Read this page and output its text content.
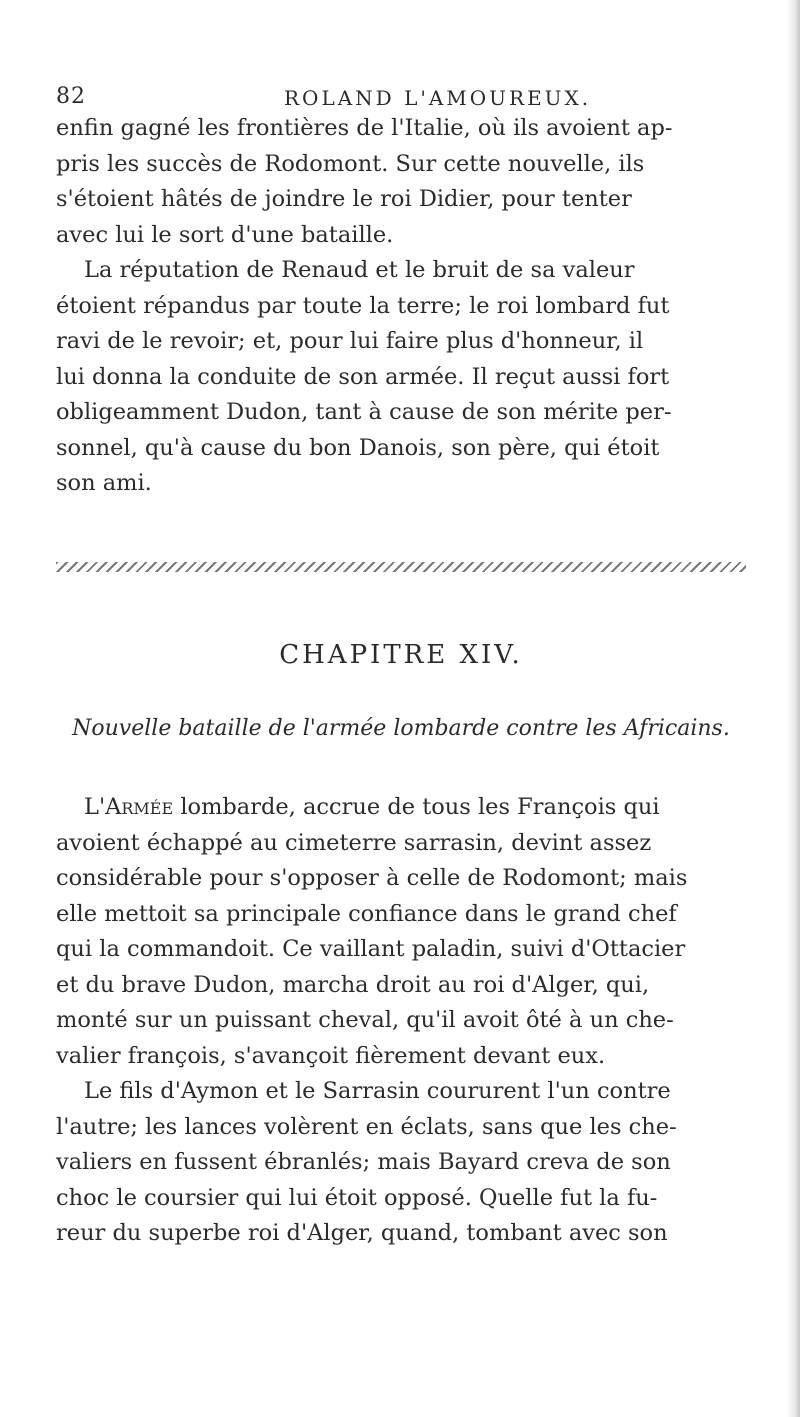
82	ROLAND L'AMOUREUX.

enfin gagné les frontières de l'Italie, où ils avoient ap-
pris les succès de Rodomont. Sur cette nouvelle, ils
s'étoient hâtés de joindre le roi Didier, pour tenter
avec lui le sort d'une bataille.

La réputation de Renaud et le bruit de sa valeur
étoient répandus par toute la terre; le roi lombard fut
ravi de le revoir; et, pour lui faire plus d'honneur, il
lui donna la conduite de son armée. Il reçut aussi fort
obligeamment Dudon, tant à cause de son mérite per-
sonnel, qu'à cause du bon Danois, son père, qui étoit
son ami.

CHAPITRE XIV.
Nouvelle bataille de l'armée lombarde contre les Africains.

L'Armée lombarde, accrue de tous les François qui
avoient échappé au cimeterre sarrasin, devint assez
considérable pour s'opposer à celle de Rodomont; mais
elle mettoit sa principale confiance dans le grand chef
qui la commandoit. Ce vaillant paladin, suivi d'Ottacier
et du brave Dudon, marcha droit au roi d'Alger, qui,
monté sur un puissant cheval, qu'il avoit ôté à un che-
valier françois, s'avançoit fièrement devant eux.

Le fils d'Aymon et le Sarrasin coururent l'un contre
l'autre; les lances volèrent en éclats, sans que les che-
valiers en fussent ébranlés; mais Bayard creva de son
choc le coursier qui lui étoit opposé. Quelle fut la fu-
reur du superbe roi d'Alger, quand, tombant avec son
